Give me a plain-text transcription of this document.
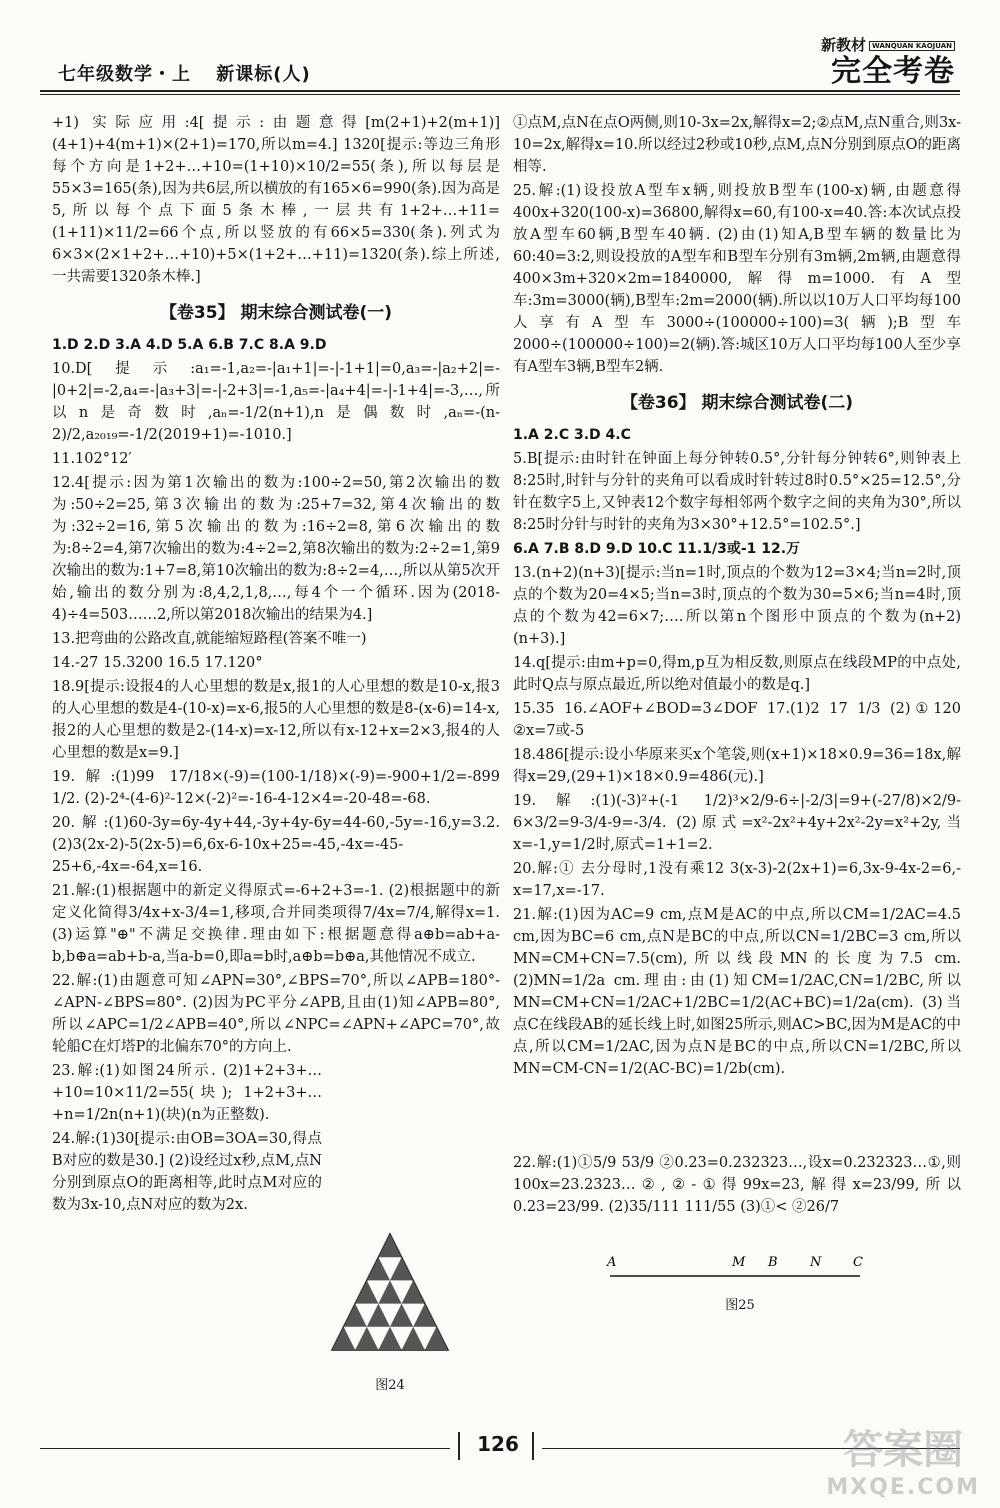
七年级数学・上 新课标(人)
新教材 WANQUAN KAOJUAN
完全考卷

+1) 实际应用:4[提示:由题意得[m(2+1)+2(m+1)](4+1)+4(m+1)×(2+1)=170,所以m=4.] 1320[提示:等边三角形每个方向是1+2+…+10=(1+10)×10/2=55(条),所以每层是55×3=165(条),因为共6层,所以横放的有165×6=990(条).因为高是5,所以每个点下面5条木棒,一层共有1+2+…+11=(1+11)×11/2=66个点,所以竖放的有66×5=330(条).列式为6×3×(2×1+2+…+10)+5×(1+2+…+11)=1320(条).综上所述,一共需要1320条木棒.]

【卷35】 期末综合测试卷(一)

1.D 2.D 3.A 4.D 5.A 6.B 7.C 8.A 9.D

10.D[提示:a₁=-1,a₂=-|a₁+1|=-|-1+1|=0,a₃=-|a₂+2|=-|0+2|=-2,a₄=-|a₃+3|=-|-2+3|=-1,a₅=-|a₄+4|=-|-1+4|=-3,…,所以n是奇数时,aₙ=-1/2(n+1),n是偶数时,aₙ=-(n-2)/2,a₂₀₁₉=-1/2(2019+1)=-1010.]

11.102°12′

12.4[提示:因为第1次输出的数为:100÷2=50,第2次输出的数为:50÷2=25,第3次输出的数为:25+7=32,第4次输出的数为:32÷2=16,第5次输出的数为:16÷2=8,第6次输出的数为:8÷2=4,第7次输出的数为:4÷2=2,第8次输出的数为:2÷2=1,第9次输出的数为:1+7=8,第10次输出的数为:8÷2=4,…,所以从第5次开始,输出的数分别为:8,4,2,1,8,…,每4个一个循环.因为(2018-4)÷4=503……2,所以第2018次输出的结果为4.]

13.把弯曲的公路改直,就能缩短路程(答案不唯一)

14.-27 15.3200 16.5 17.120°

18.9[提示:设报4的人心里想的数是x,报1的人心里想的数是10-x,报3的人心里想的数是4-(10-x)=x-6,报5的人心里想的数是8-(x-6)=14-x,报2的人心里想的数是2-(14-x)=x-12,所以有x-12+x=2×3,报4的人心里想的数是x=9.]

19.解:(1)99 17/18×(-9)=(100-1/18)×(-9)=-900+1/2=-899 1/2. (2)-2⁴-(4-6)²-12×(-2)²=-16-4-12×4=-20-48=-68.

20.解:(1)60-3y=6y-4y+44,-3y+4y-6y=44-60,-5y=-16,y=3.2. (2)3(2x-2)-5(2x-5)=6,6x-6-10x+25=-45,-4x=-45-25+6,-4x=-64,x=16.

21.解:(1)根据题中的新定义得原式=-6+2+3=-1. (2)根据题中的新定义化简得3/4x+x-3/4=1,移项,合并同类项得7/4x=7/4,解得x=1. (3)运算"⊕"不满足交换律.理由如下:根据题意得a⊕b=ab+a-b,b⊕a=ab+b-a,当a-b=0,即a=b时,a⊕b=b⊕a,其他情况不成立.

22.解:(1)由题意可知∠APN=30°,∠BPS=70°,所以∠APB=180°-∠APN-∠BPS=80°. (2)因为PC平分∠APB,且由(1)知∠APB=80°,所以∠APC=1/2∠APB=40°,所以∠NPC=∠APN+∠APC=70°,故轮船C在灯塔P的北偏东70°的方向上.

23.解:(1)如图24所示. (2)1+2+3+…+10=10×11/2=55(块); 1+2+3+…+n=1/2n(n+1)(块)(n为正整数).

24.解:(1)30[提示:由OB=3OA=30,得点B对应的数是30.] (2)设经过x秒,点M,点N分别到原点O的距离相等,此时点M对应的数为3x-10,点N对应的数为2x.

图24

①点M,点N在点O两侧,则10-3x=2x,解得x=2;②点M,点N重合,则3x-10=2x,解得x=10.所以经过2秒或10秒,点M,点N分别到原点O的距离相等.

25.解:(1)设投放A型车x辆,则投放B型车(100-x)辆,由题意得400x+320(100-x)=36800,解得x=60,有100-x=40.答:本次试点投放A型车60辆,B型车40辆. (2)由(1)知A,B型车辆的数量比为60:40=3:2,则设投放的A型车和B型车分别有3m辆,2m辆,由题意得400×3m+320×2m=1840000,解得m=1000.有A型车:3m=3000(辆),B型车:2m=2000(辆).所以以10万人口平均每100人享有A型车3000÷(100000÷100)=3(辆);B型车2000÷(100000÷100)=2(辆).答:城区10万人口平均每100人至少享有A型车3辆,B型车2辆.

【卷36】 期末综合测试卷(二)

1.A 2.C 3.D 4.C

5.B[提示:由时针在钟面上每分钟转0.5°,分针每分钟转6°,则钟表上8:25时,时针与分针的夹角可以看成时针转过8时0.5°×25=12.5°,分针在数字5上,又钟表12个数字每相邻两个数字之间的夹角为30°,所以8:25时分针与时针的夹角为3×30°+12.5°=102.5°.]

6.A 7.B 8.D 9.D 10.C 11.1/3或-1 12.万

13.(n+2)(n+3)[提示:当n=1时,顶点的个数为12=3×4;当n=2时,顶点的个数为20=4×5;当n=3时,顶点的个数为30=5×6;当n=4时,顶点的个数为42=6×7;….所以第n个图形中顶点的个数为(n+2)(n+3).]

14.q[提示:由m+p=0,得m,p互为相反数,则原点在线段MP的中点处,此时Q点与原点最近,所以绝对值最小的数是q.]

15.35 16.∠AOF+∠BOD=3∠DOF 17.(1)2 17 1/3 (2)①120 ②x=7或-5

18.486[提示:设小华原来买x个笔袋,则(x+1)×18×0.9=36=18x,解得x=29,(29+1)×18×0.9=486(元).]

19.解:(1)(-3)²+(-1 1/2)³×2/9-6÷|-2/3|=9+(-27/8)×2/9-6×3/2=9-3/4-9=-3/4. (2)原式=x²-2x²+4y+2x²-2y=x²+2y,当x=-1,y=1/2时,原式=1+1=2.

20.解:① 去分母时,1没有乘12 3(x-3)-2(2x+1)=6,3x-9-4x-2=6,-x=17,x=-17.

21.解:(1)因为AC=9 cm,点M是AC的中点,所以CM=1/2AC=4.5 cm,因为BC=6 cm,点N是BC的中点,所以CN=1/2BC=3 cm,所以MN=CM+CN=7.5(cm),所以线段MN的长度为7.5 cm. (2)MN=1/2a cm.理由:由(1)知CM=1/2AC,CN=1/2BC,所以MN=CM+CN=1/2AC+1/2BC=1/2(AC+BC)=1/2a(cm). (3)当点C在线段AB的延长线上时,如图25所示,则AC>BC,因为M是AC的中点,所以CM=1/2AC,因为点N是BC的中点,所以CN=1/2BC,所以MN=CM-CN=1/2(AC-BC)=1/2b(cm).

22.解:(1)①5/9 53/9 ②0.23=0.232323…,设x=0.232323…①,则100x=23.2323…②,②-①得99x=23,解得x=23/99,所以0.23=23/99. (2)35/111 111/55 (3)①< ②26/7

A	M B N C
图25
126	答案圈
MXQE.COM
